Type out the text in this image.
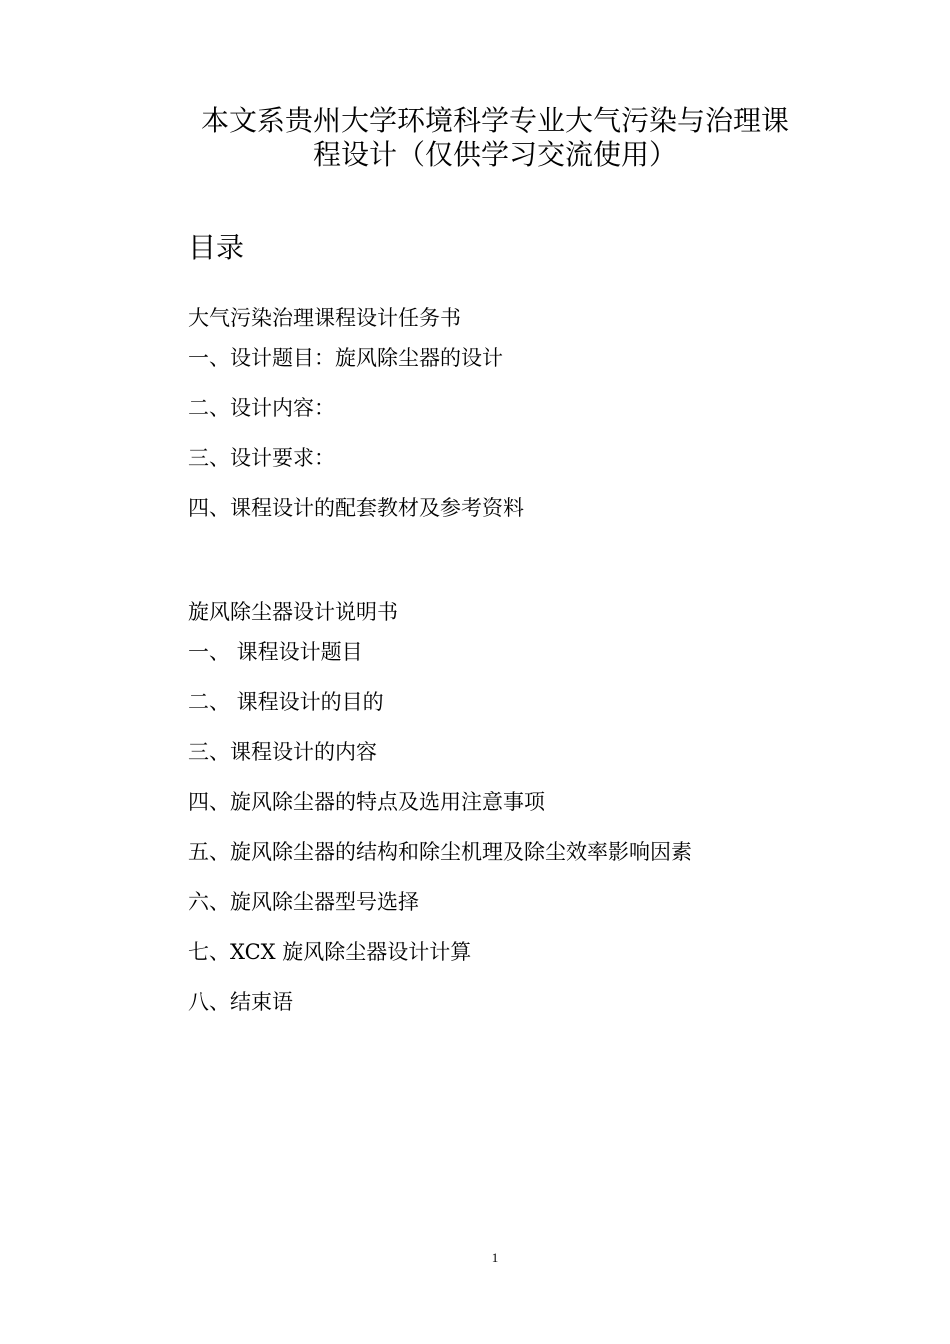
本文系贵州大学环境科学专业大气污染与治理课
程设计（仅供学习交流使用）
目录
大气污染治理课程设计任务书
一、设计题目：旋风除尘器的设计
二、设计内容：
三、设计要求：
四、课程设计的配套教材及参考资料
旋风除尘器设计说明书
一、 课程设计题目
二、 课程设计的目的
三、课程设计的内容
四、旋风除尘器的特点及选用注意事项
五、旋风除尘器的结构和除尘机理及除尘效率影响因素
六、旋风除尘器型号选择
七、XCX 旋风除尘器设计计算
八、结束语
1
